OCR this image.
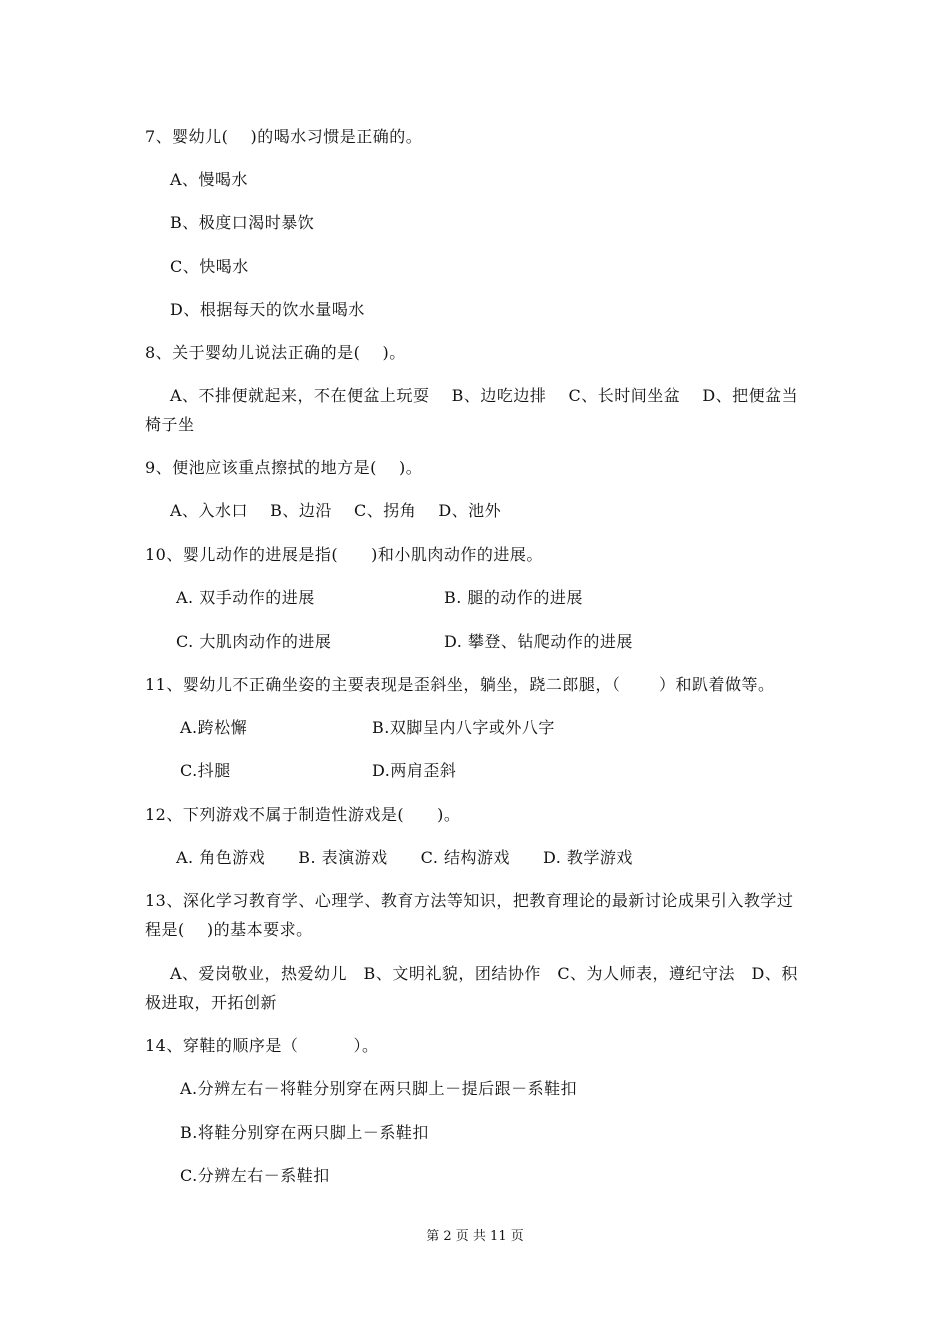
7、婴幼儿(　 )的喝水习惯是正确的。
A、慢喝水
B、极度口渴时暴饮
C、快喝水
D、根据每天的饮水量喝水
8、关于婴幼儿说法正确的是(　 )。
A、不排便就起来，不在便盆上玩耍　 B、边吃边排　 C、长时间坐盆　 D、把便盆当
椅子坐
9、便池应该重点擦拭的地方是(　 )。
A、入水口　 B、边沿　 C、拐角　 D、池外
10、婴儿动作的进展是指(　　)和小肌肉动作的进展。
A. 双手动作的进展	B. 腿的动作的进展
C. 大肌肉动作的进展	D. 攀登、钻爬动作的进展
11、婴幼儿不正确坐姿的主要表现是歪斜坐，躺坐，跷二郎腿，（　　 ）和趴着做等。
A.跨松懈	B.双脚呈内八字或外八字
C.抖腿	D.两肩歪斜
12、下列游戏不属于制造性游戏是(　　)。
A. 角色游戏　　B. 表演游戏　　C. 结构游戏　　D. 教学游戏
13、深化学习教育学、心理学、教育方法等知识，把教育理论的最新讨论成果引入教学过
程是(　 )的基本要求。
A、爱岗敬业，热爱幼儿　B、文明礼貌，团结协作　C、为人师表，遵纪守法　D、积
极进取，开拓创新
14、穿鞋的顺序是（　　　 ）。
A.分辨左右－将鞋分别穿在两只脚上－提后跟－系鞋扣
B.将鞋分别穿在两只脚上－系鞋扣
C.分辨左右－系鞋扣
第 2 页 共 11 页
